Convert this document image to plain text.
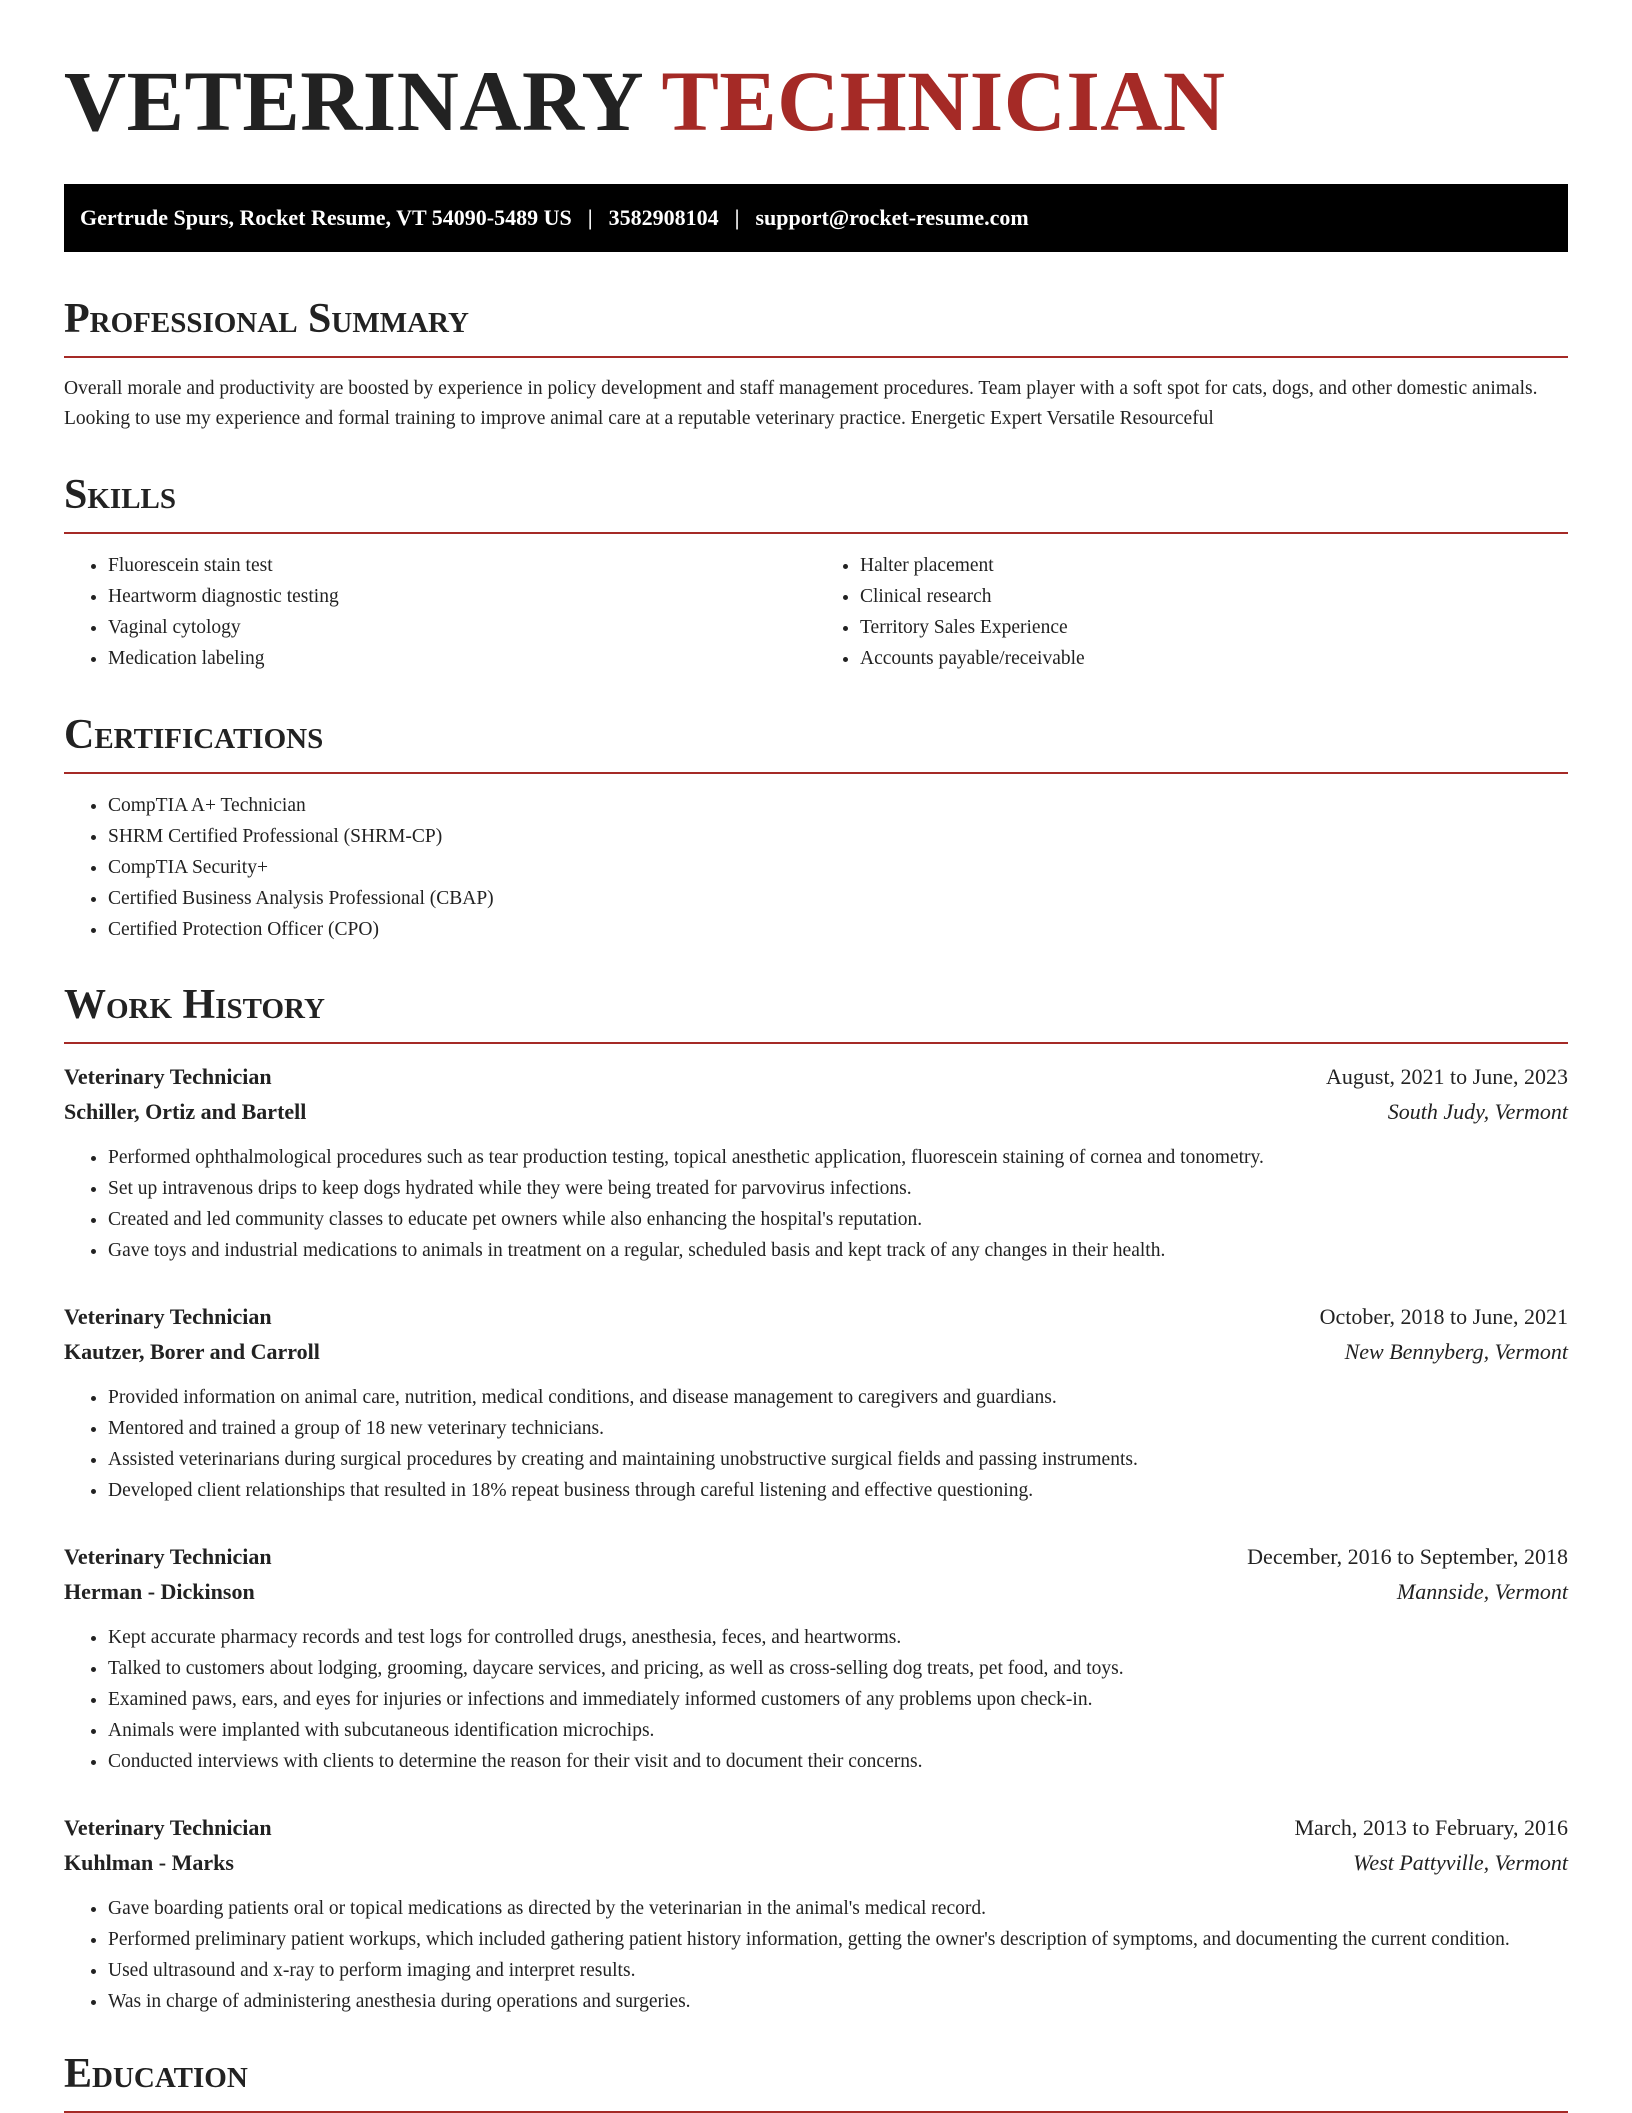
VETERINARY TECHNICIAN
Gertrude Spurs, Rocket Resume, VT 54090-5489 US | 3582908104 | support@rocket-resume.com
Professional Summary

Overall morale and productivity are boosted by experience in policy development and staff management procedures. Team player with a soft spot for cats, dogs, and other domestic animals. Looking to use my experience and formal training to improve animal care at a reputable veterinary practice. Energetic Expert Versatile Resourceful

Skills
• Fluorescein stain test
• Heartworm diagnostic testing
• Vaginal cytology
• Medication labeling
• Halter placement
• Clinical research
• Territory Sales Experience
• Accounts payable/receivable
Certifications
• CompTIA A+ Technician
• SHRM Certified Professional (SHRM-CP)
• CompTIA Security+
• Certified Business Analysis Professional (CBAP)
• Certified Protection Officer (CPO)
Work History
Veterinary Technician	August, 2021 to June, 2023
Schiller, Ortiz and Bartell	South Judy, Vermont
• Performed ophthalmological procedures such as tear production testing, topical anesthetic application, fluorescein staining of cornea and tonometry.
• Set up intravenous drips to keep dogs hydrated while they were being treated for parvovirus infections.
• Created and led community classes to educate pet owners while also enhancing the hospital's reputation.
• Gave toys and industrial medications to animals in treatment on a regular, scheduled basis and kept track of any changes in their health.
Veterinary Technician	October, 2018 to June, 2021
Kautzer, Borer and Carroll	New Bennyberg, Vermont
• Provided information on animal care, nutrition, medical conditions, and disease management to caregivers and guardians.
• Mentored and trained a group of 18 new veterinary technicians.
• Assisted veterinarians during surgical procedures by creating and maintaining unobstructive surgical fields and passing instruments.
• Developed client relationships that resulted in 18% repeat business through careful listening and effective questioning.
Veterinary Technician	December, 2016 to September, 2018
Herman - Dickinson	Mannside, Vermont
• Kept accurate pharmacy records and test logs for controlled drugs, anesthesia, feces, and heartworms.
• Talked to customers about lodging, grooming, daycare services, and pricing, as well as cross-selling dog treats, pet food, and toys.
• Examined paws, ears, and eyes for injuries or infections and immediately informed customers of any problems upon check-in.
• Animals were implanted with subcutaneous identification microchips.
• Conducted interviews with clients to determine the reason for their visit and to document their concerns.
Veterinary Technician	March, 2013 to February, 2016
Kuhlman - Marks	West Pattyville, Vermont
• Gave boarding patients oral or topical medications as directed by the veterinarian in the animal's medical record.
• Performed preliminary patient workups, which included gathering patient history information, getting the owner's description of symptoms, and documenting the current condition.
• Used ultrasound and x-ray to perform imaging and interpret results.
• Was in charge of administering anesthesia during operations and surgeries.
Education
